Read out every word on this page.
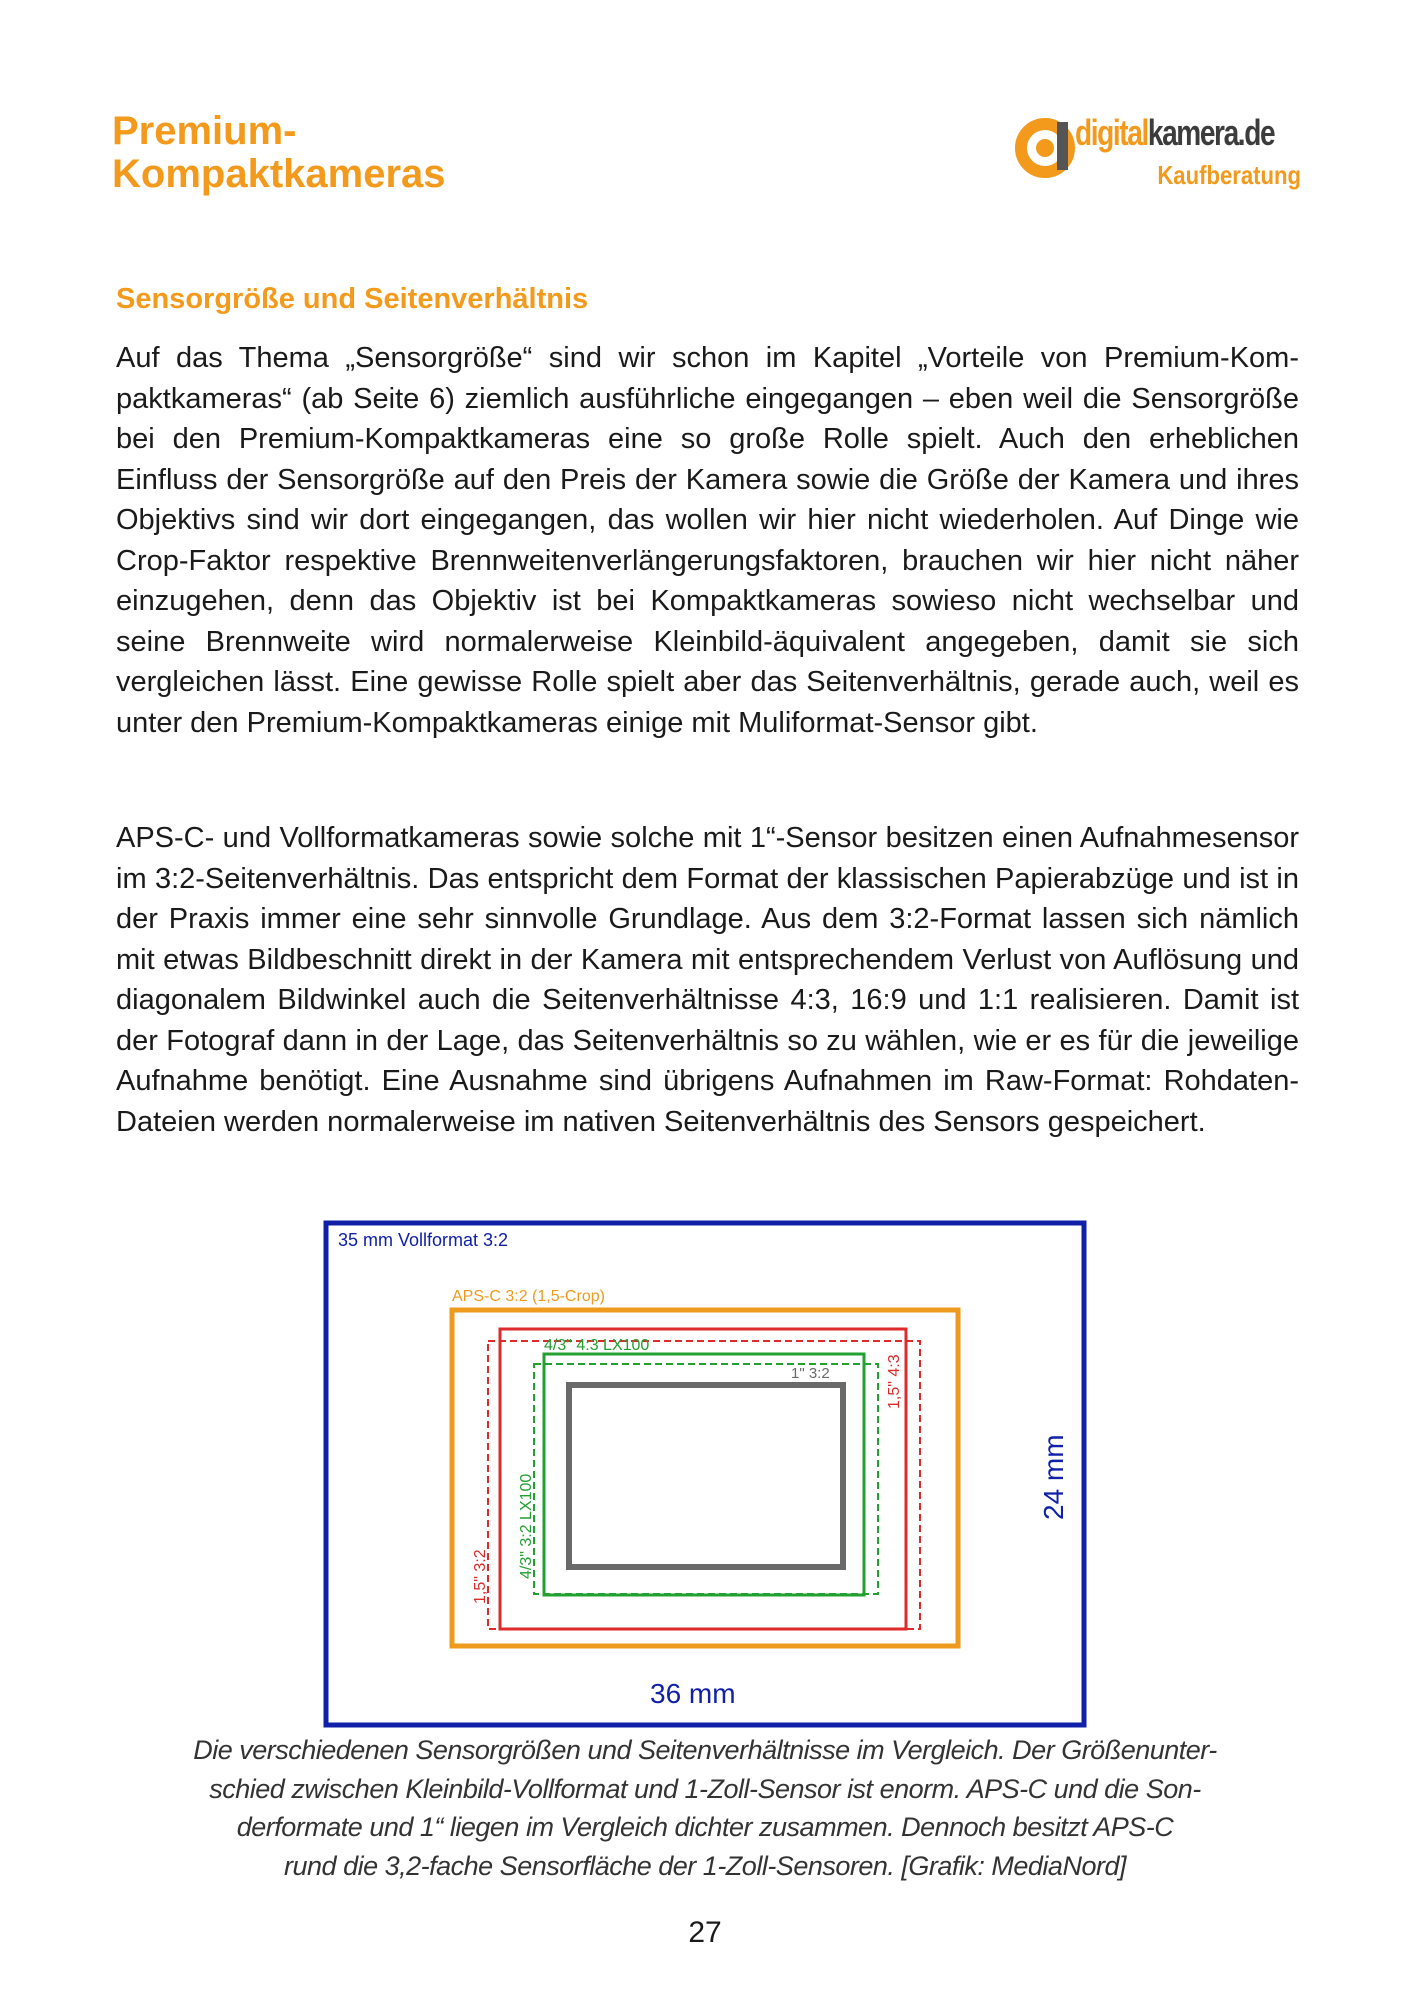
Premium-
Kompaktkameras
digitalkamera.de
Kaufberatung
Sensorgröße und Seitenverhältnis

Auf das Thema „Sensorgröße“ sind wir schon im Kapitel „Vorteile von Premium-Kompaktkameras“ (ab Seite 6) ziemlich ausführliche eingegangen – eben weil die Sensorgröße bei den Premium-Kompaktkameras eine so große Rolle spielt. Auch den erheblichen Einfluss der Sensorgröße auf den Preis der Kamera sowie die Größe der Kamera und ihres Objektivs sind wir dort eingegangen, das wollen wir hier nicht wiederholen. Auf Dinge wie Crop-Faktor respektive Brennweitenverlängerungsfaktoren, brauchen wir hier nicht näher einzugehen, denn das Objektiv ist bei Kompaktkameras sowieso nicht wechselbar und seine Brennweite wird normalerweise Kleinbild-äquivalent angegeben, damit sie sich vergleichen lässt. Eine gewisse Rolle spielt aber das Seitenverhältnis, gerade auch, weil es unter den Premium-Kompaktkameras einige mit Muliformat-Sensor gibt.

APS-C- und Vollformatkameras sowie solche mit 1“-Sensor besitzen einen Aufnahmesensor im 3:2-Seitenverhältnis. Das entspricht dem Format der klassischen Papierabzüge und ist in der Praxis immer eine sehr sinnvolle Grundlage. Aus dem 3:2-Format lassen sich nämlich mit etwas Bildbeschnitt direkt in der Kamera mit entsprechendem Verlust von Auflösung und diagonalem Bildwinkel auch die Seitenverhältnisse 4:3, 16:9 und 1:1 realisieren. Damit ist der Fotograf dann in der Lage, das Seitenverhältnis so zu wählen, wie er es für die jeweilige Aufnahme benötigt. Eine Ausnahme sind übrigens Aufnahmen im Raw-Format: Rohdaten-Dateien werden normalerweise im nativen Seitenverhältnis des Sensors gespeichert.

35 mm Vollformat 3:2
APS-C 3:2 (1,5-Crop)
1,5" 4:3
1,5" 3:2
4/3" 4:3 LX100
4/3" 3:2 LX100
1" 3:2
24 mm
36 mm

Die verschiedenen Sensorgrößen und Seitenverhältnisse im Vergleich. Der Größenunter-
schied zwischen Kleinbild-Vollformat und 1-Zoll-Sensor ist enorm. APS-C und die Son-
derformate und 1“ liegen im Vergleich dichter zusammen. Dennoch besitzt APS-C
rund die 3,2-fache Sensorfläche der 1-Zoll-Sensoren. [Grafik: MediaNord]

27
